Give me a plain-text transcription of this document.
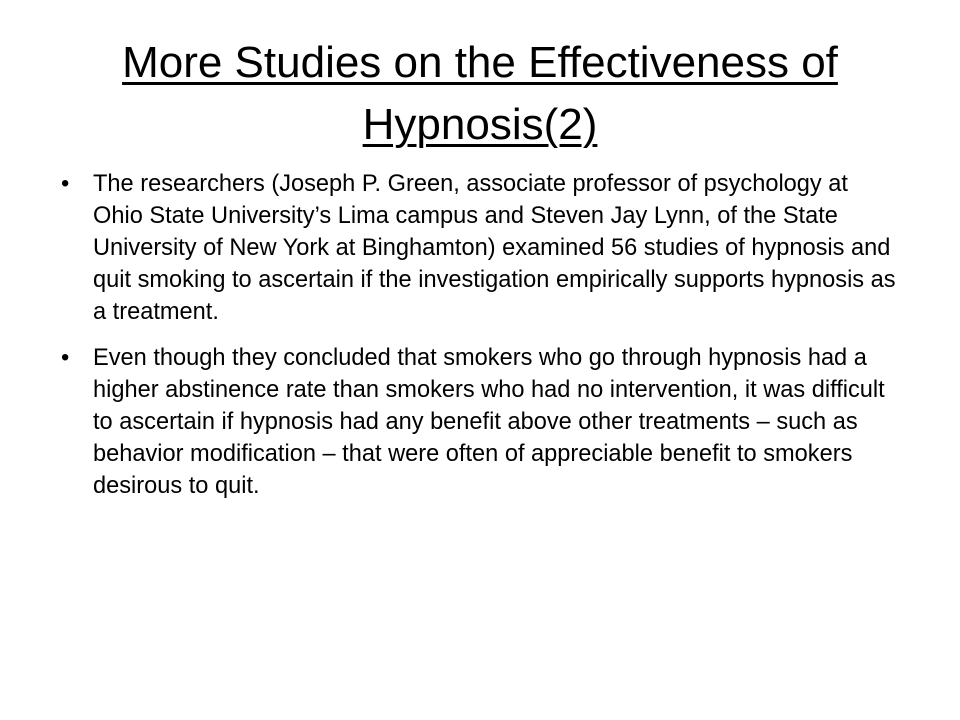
More Studies on the Effectiveness of Hypnosis(2)
• The researchers (Joseph P. Green, associate professor of psychology at Ohio State University’s Lima campus and Steven Jay Lynn, of the State University of New York at Binghamton) examined 56 studies of hypnosis and quit smoking to ascertain if the investigation empirically supports hypnosis as a treatment.
• Even though they concluded that smokers who go through hypnosis had a higher abstinence rate than smokers who had no intervention, it was difficult to ascertain if hypnosis had any benefit above other treatments – such as behavior modification – that were often of appreciable benefit to smokers desirous to quit.
